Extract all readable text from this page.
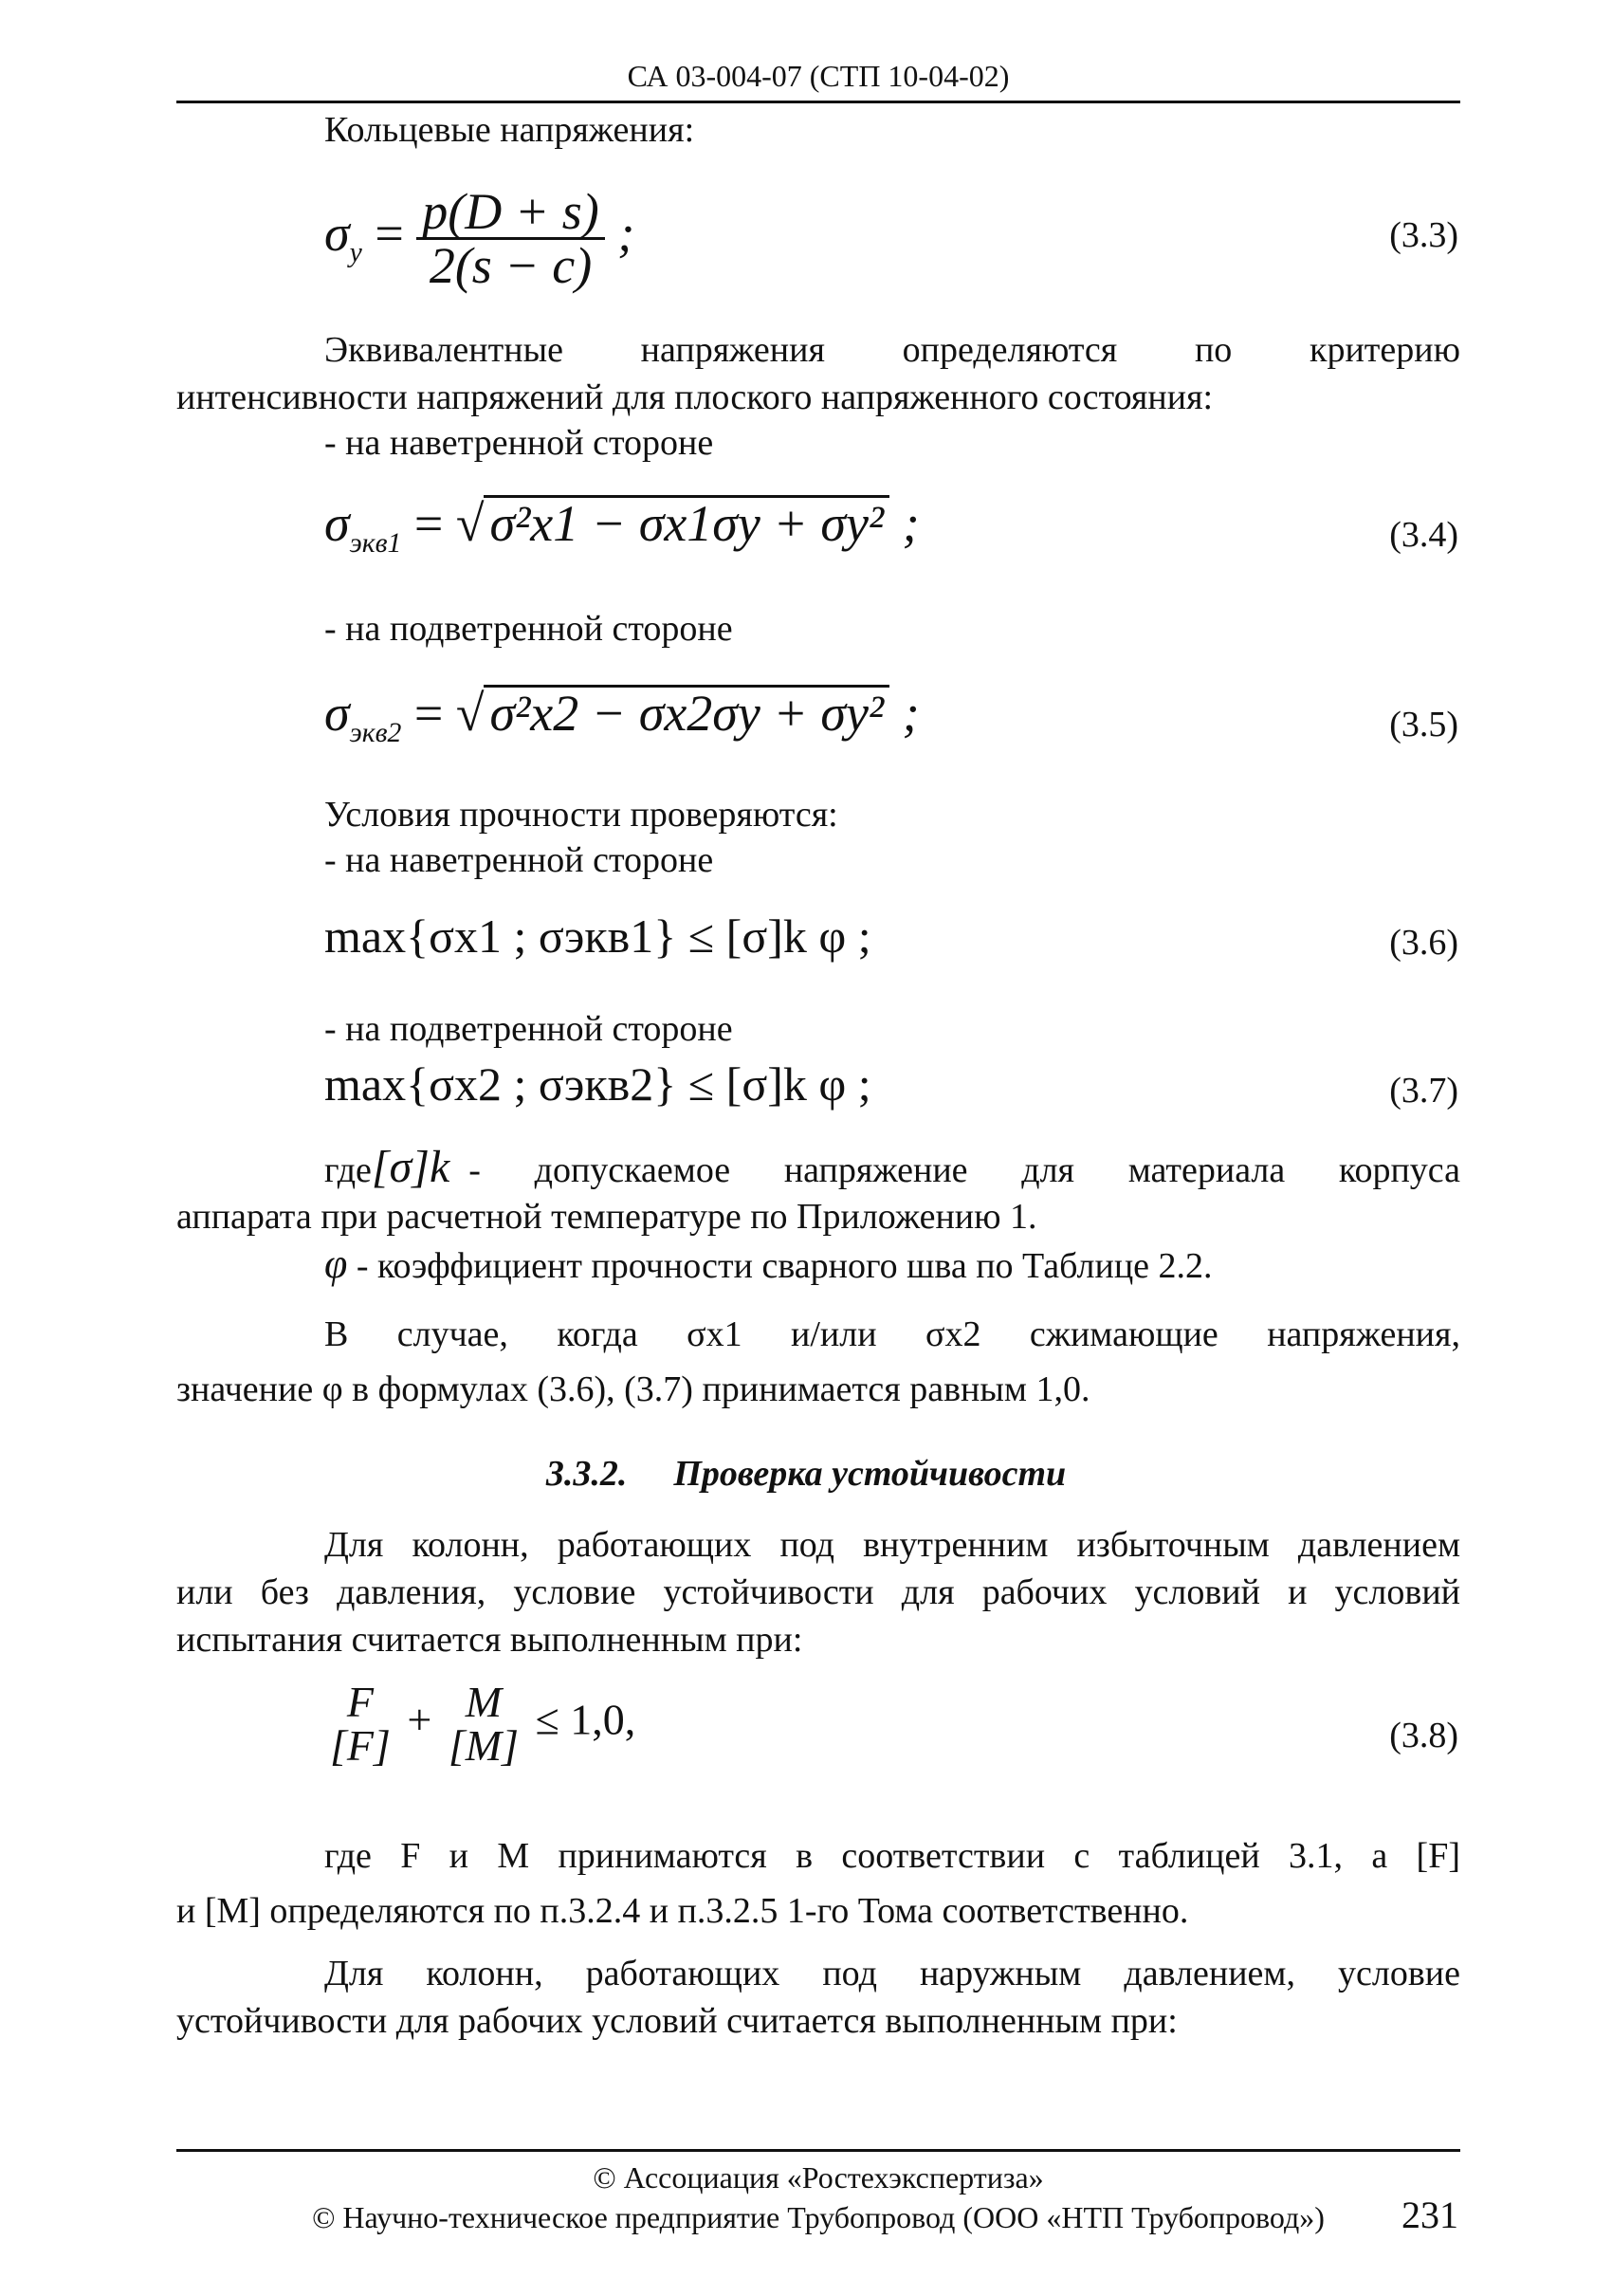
СА 03-004-07 (СТП 10-04-02)
Кольцевые напряжения:
$\sigma_y = \frac{p(D + s)}{2(s - c)}$ ;	(3.3)
Эквивалентные напряжения определяются по критерию
интенсивности напряжений для плоского напряженного состояния:
- на наветренной стороне
$\sigma_{экв1}$ = √ σ²x1 − σx1σy + σy² ;	(3.4)
- на подветренной стороне
$\sigma_{экв2}$ = √ σ²x2 − σx2σy + σy² ;	(3.5)
Условия прочности проверяются:
- на наветренной стороне
max{σx1 ; σэкв1} ≤ [σ]k φ ;	(3.6)
- на подветренной стороне
max{σx2 ; σэкв2} ≤ [σ]k φ ;	(3.7)
где [σ]k - допускаемое напряжение для материала корпуса
аппарата при расчетной температуре по Приложению 1.
φ - коэффициент прочности сварного шва по Таблице 2.2.
В случае, когда σx1 и/или σx2 сжимающие напряжения,
значение φ в формулах (3.6), (3.7) принимается равным 1,0.
3.3.2. Проверка устойчивости
Для колонн, работающих под внутренним избыточным давлением
или без давления, условие устойчивости для рабочих условий и условий
испытания считается выполненным при:
F
[F]
+ M
[M]
≤ 1,0,	(3.8)
где F и M принимаются в соответствии с таблицей 3.1, а [F]
и [M] определяются по п.3.2.4 и п.3.2.5 1-го Тома соответственно.
Для колонн, работающих под наружным давлением, условие
устойчивости для рабочих условий считается выполненным при:
© Ассоциация «Ростехэкспертиза»
© Научно-техническое предприятие Трубопровод (ООО «НТП Трубопровод»)	231
